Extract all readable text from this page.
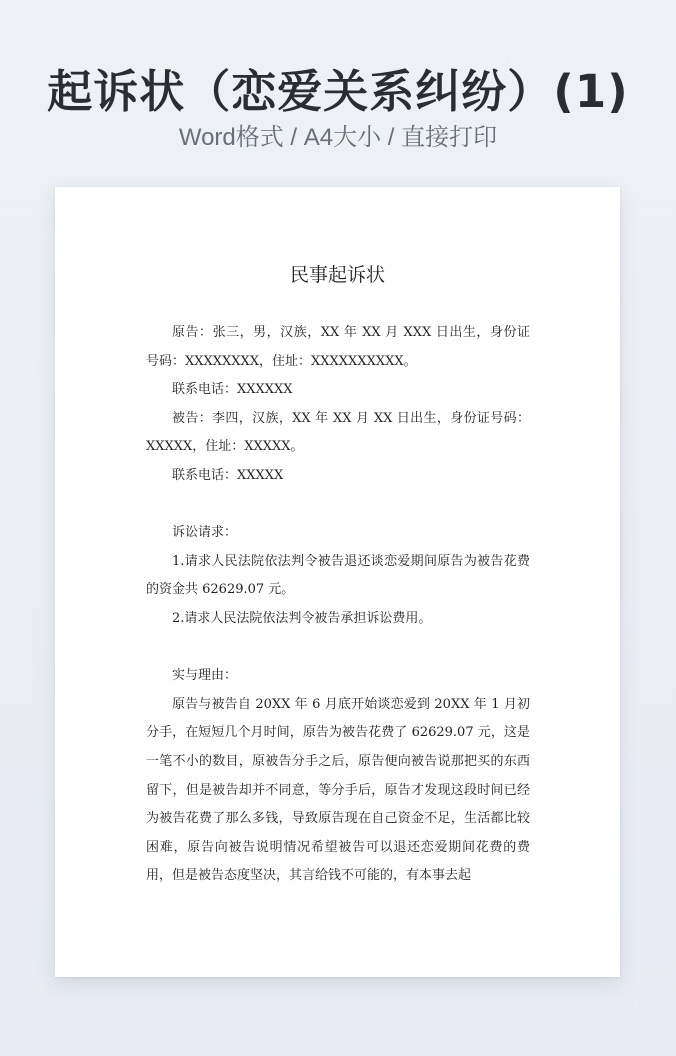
起诉状（恋爱关系纠纷）(1)
Word格式 / A4大小 / 直接打印
民事起诉状

原告：张三，男，汉族，XX 年 XX 月 XXX 日出生，身份证号码：XXXXXXXX，住址：XXXXXXXXXX。

联系电话：XXXXXX

被告：李四，汉族，XX 年 XX 月 XX 日出生，身份证号码：XXXXX，住址：XXXXX。

联系电话：XXXXX

诉讼请求：

1.请求人民法院依法判令被告退还谈恋爱期间原告为被告花费的资金共 62629.07 元。

2.请求人民法院依法判令被告承担诉讼费用。

实与理由：

原告与被告自 20XX 年 6 月底开始谈恋爱到 20XX 年 1 月初分手，在短短几个月时间，原告为被告花费了 62629.07 元，这是一笔不小的数目，原被告分手之后，原告便向被告说那把买的东西留下，但是被告却并不同意，等分手后，原告才发现这段时间已经为被告花费了那么多钱，导致原告现在自己资金不足，生活都比较困难，原告向被告说明情况希望被告可以退还恋爱期间花费的费用，但是被告态度坚决，其言给钱不可能的，有本事去起
